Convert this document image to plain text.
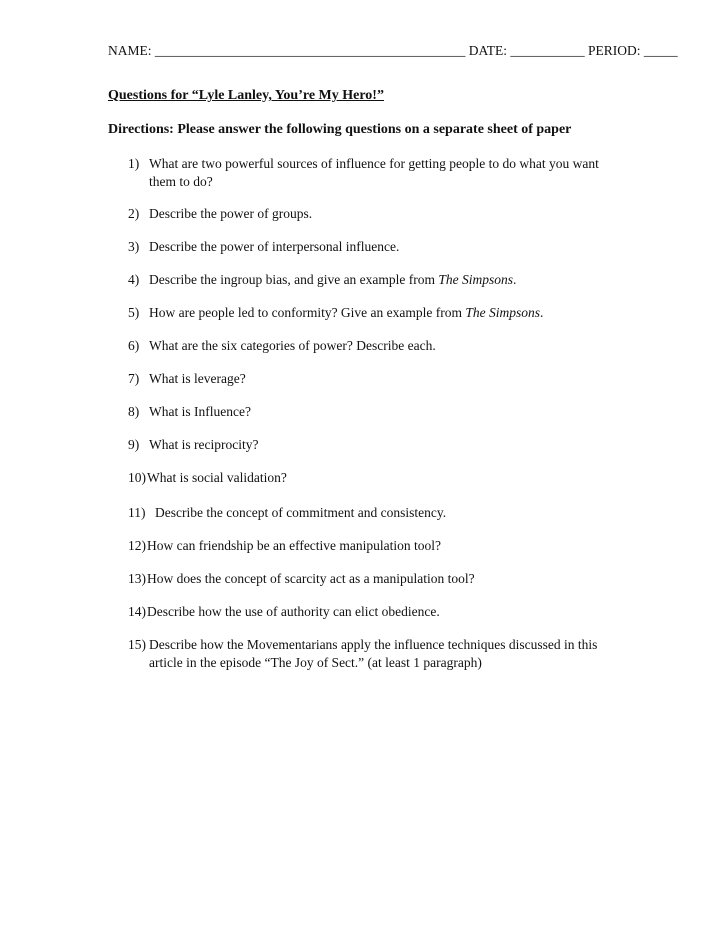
NAME: ______________________________________________ DATE: ___________ PERIOD: _____
Questions for “Lyle Lanley, You’re My Hero!”
Directions: Please answer the following questions on a separate sheet of paper
1) What are two powerful sources of influence for getting people to do what you want them to do?
2) Describe the power of groups.
3) Describe the power of interpersonal influence.
4) Describe the ingroup bias, and give an example from The Simpsons.
5) How are people led to conformity? Give an example from The Simpsons.
6) What are the six categories of power? Describe each.
7) What is leverage?
8) What is Influence?
9) What is reciprocity?
10) What is social validation?
11) Describe the concept of commitment and consistency.
12) How can friendship be an effective manipulation tool?
13) How does the concept of scarcity act as a manipulation tool?
14) Describe how the use of authority can elict obedience.
15) Describe how the Movementarians apply the influence techniques discussed in this article in the episode “The Joy of Sect.” (at least 1 paragraph)
